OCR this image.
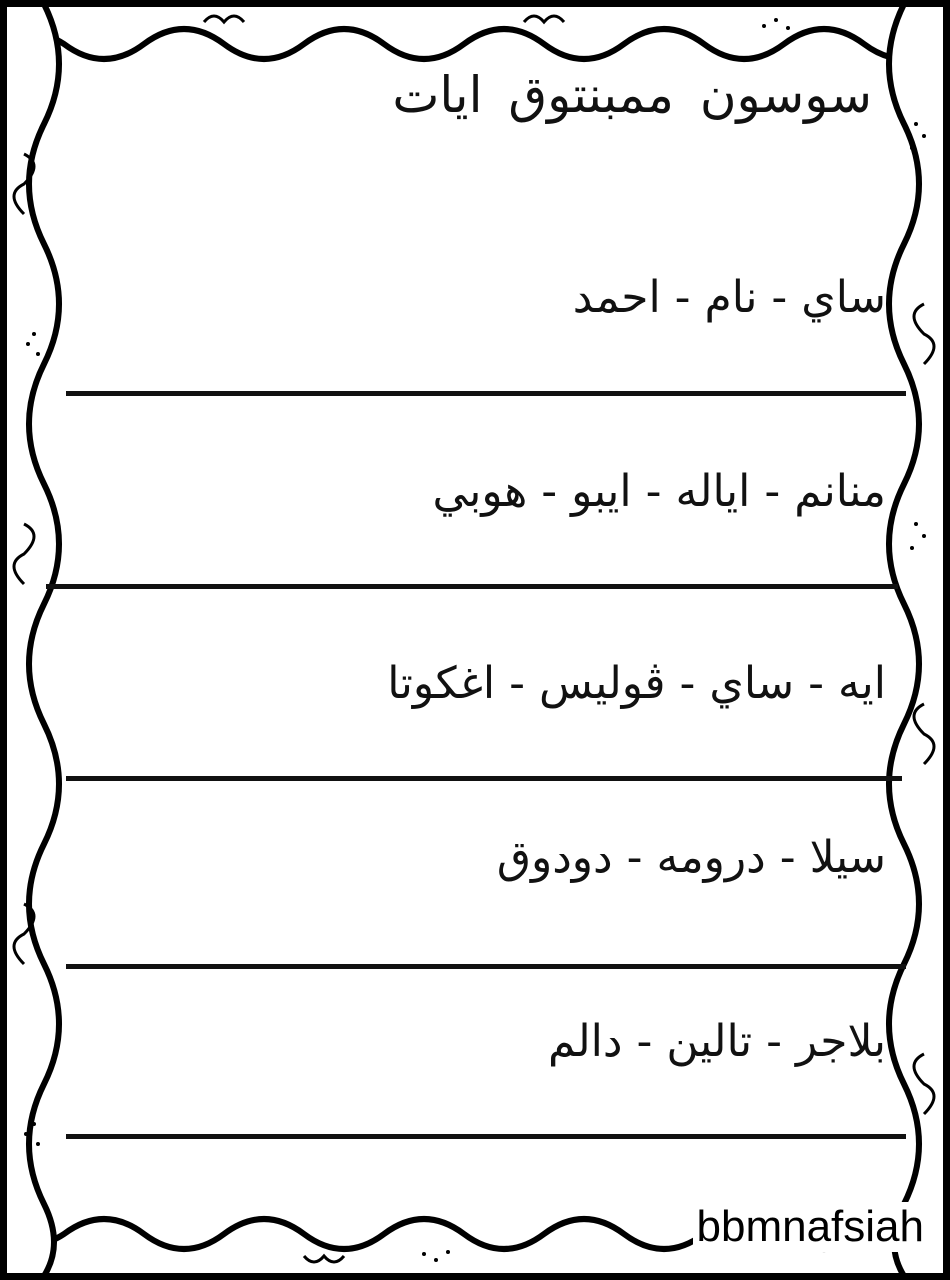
سوسون ممبنتوق ايات

ساي - نام - احمد

منانم - اياله - ايبو - هوبي

ايه - ساي - ڤوليس - اغكوتا

سيلا - درومه - دودوق

بلاجر - تالين - دالم

bbmnafsiah
